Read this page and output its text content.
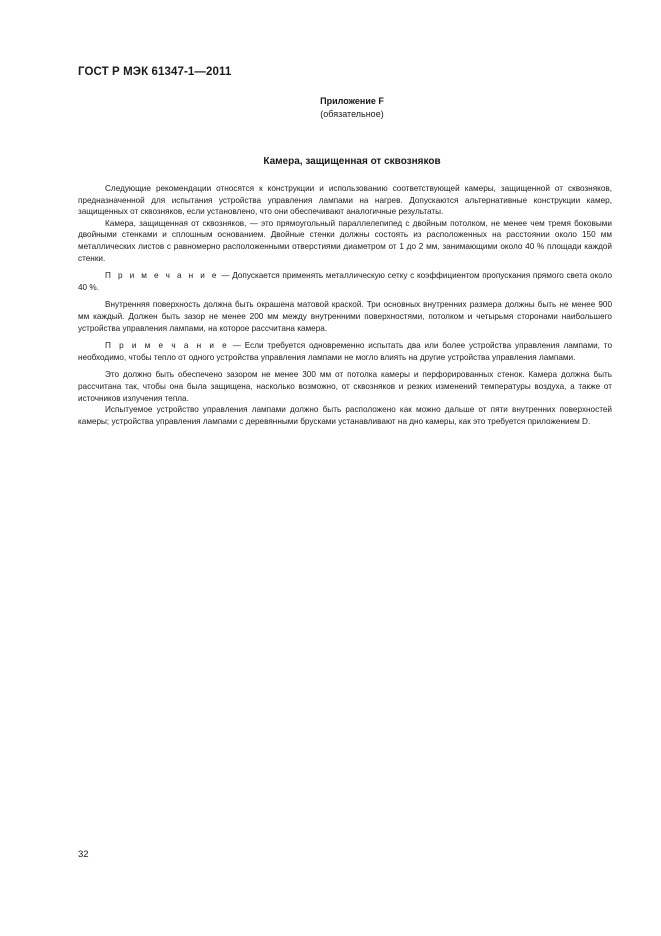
ГОСТ Р МЭК 61347-1—2011
Приложение F
(обязательное)
Камера, защищенная от сквозняков

Следующие рекомендации относятся к конструкции и использованию соответствующей камеры, защищенной от сквозняков, предназначенной для испытания устройства управления лампами на нагрев. Допускаются альтернативные конструкции камер, защищенных от сквозняков, если установлено, что они обеспечивают аналогичные результаты.

Камера, защищенная от сквозняков, — это прямоугольный параллелепипед с двойным потолком, не менее чем тремя боковыми двойными стенками и сплошным основанием. Двойные стенки должны состоять из расположенных на расстоянии около 150 мм металлических листов с равномерно расположенными отверстиями диаметром от 1 до 2 мм, занимающими около 40 % площади каждой стенки.

П р и м е ч а н и е — Допускается применять металлическую сетку с коэффициентом пропускания прямого света около 40 %.

Внутренняя поверхность должна быть окрашена матовой краской. Три основных внутренних размера должны быть не менее 900 мм каждый. Должен быть зазор не менее 200 мм между внутренними поверхностями, потолком и четырьмя сторонами наибольшего устройства управления лампами, на которое рассчитана камера.

П р и м е ч а н и е — Если требуется одновременно испытать два или более устройства управления лампами, то необходимо, чтобы тепло от одного устройства управления лампами не могло влиять на другие устройства управления лампами.

Это должно быть обеспечено зазором не менее 300 мм от потолка камеры и перфорированных стенок. Камера должна быть рассчитана так, чтобы она была защищена, насколько возможно, от сквозняков и резких изменений температуры воздуха, а также от источников излучения тепла.

Испытуемое устройство управления лампами должно быть расположено как можно дальше от пяти внутренних поверхностей камеры; устройства управления лампами с деревянными брусками устанавливают на дно камеры, как это требуется приложением D.

32
